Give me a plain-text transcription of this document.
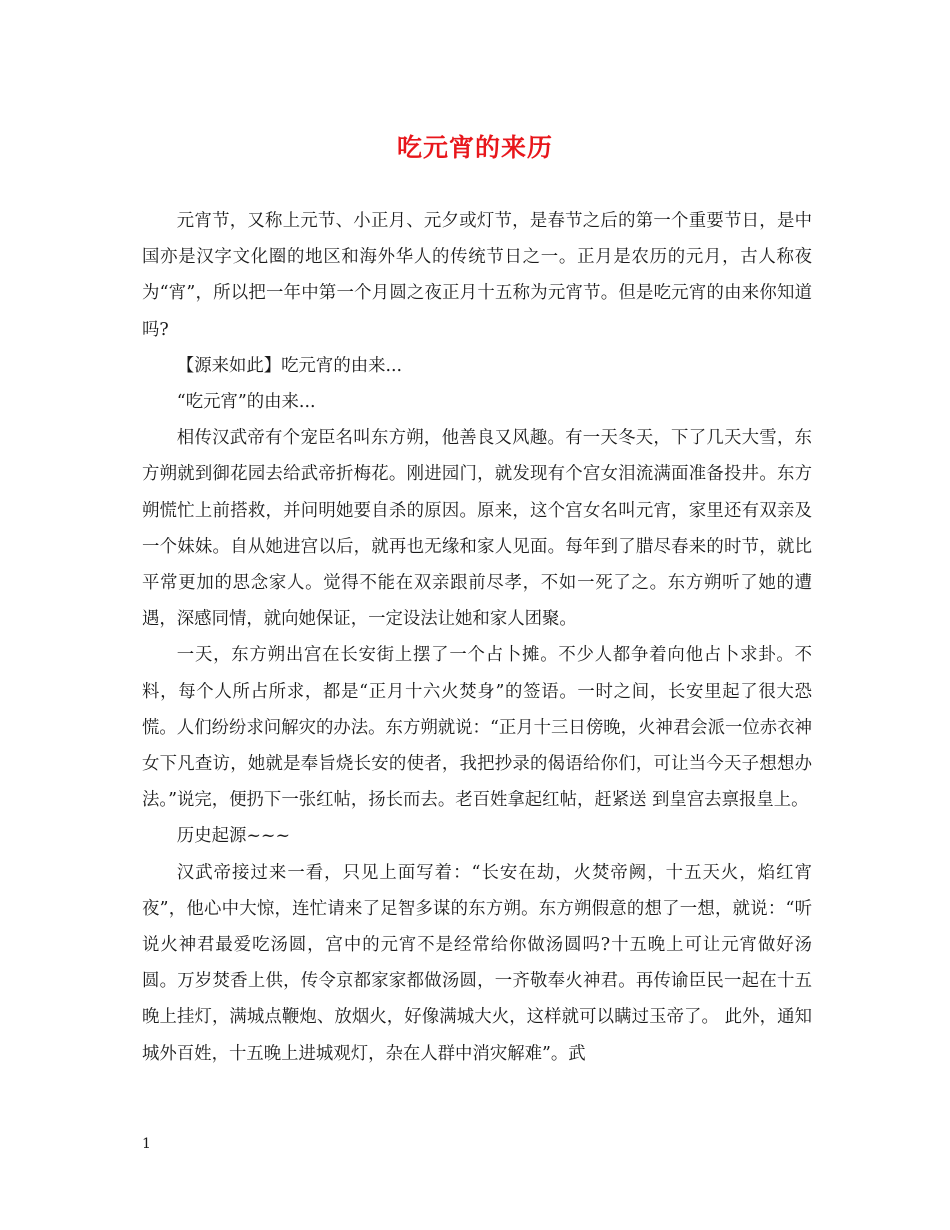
吃元宵的来历

元宵节，又称上元节、小正月、元夕或灯节，是春节之后的第一个重要节日，是中国亦是汉字文化圈的地区和海外华人的传统节日之一。正月是农历的元月，古人称夜为“宵”，所以把一年中第一个月圆之夜正月十五称为元宵节。但是吃元宵的由来你知道吗?

【源来如此】吃元宵的由来...

“吃元宵”的由来...

相传汉武帝有个宠臣名叫东方朔，他善良又风趣。有一天冬天，下了几天大雪，东方朔就到御花园去给武帝折梅花。刚进园门，就发现有个宫女泪流满面准备投井。东方朔慌忙上前搭救，并问明她要自杀的原因。原来，这个宫女名叫元宵，家里还有双亲及一个妹妹。自从她进宫以后，就再也无缘和家人见面。每年到了腊尽春来的时节，就比平常更加的思念家人。觉得不能在双亲跟前尽孝，不如一死了之。东方朔听了她的遭遇，深感同情，就向她保证，一定设法让她和家人团聚。

一天，东方朔出宫在长安街上摆了一个占卜摊。不少人都争着向他占卜求卦。不料，每个人所占所求，都是“正月十六火焚身”的签语。一时之间，长安里起了很大恐慌。人们纷纷求问解灾的办法。东方朔就说：“正月十三日傍晚，火神君会派一位赤衣神女下凡查访，她就是奉旨烧长安的使者，我把抄录的偈语给你们，可让当今天子想想办法。”说完，便扔下一张红帖，扬长而去。老百姓拿起红帖，赶紧送 到皇宫去禀报皇上。

历史起源~~~

汉武帝接过来一看，只见上面写着：“长安在劫，火焚帝阙，十五天火，焰红宵夜”，他心中大惊，连忙请来了足智多谋的东方朔。东方朔假意的想了一想，就说：“听说火神君最爱吃汤圆，宫中的元宵不是经常给你做汤圆吗?十五晚上可让元宵做好汤圆。万岁焚香上供，传令京都家家都做汤圆，一齐敬奉火神君。再传谕臣民一起在十五晚上挂灯，满城点鞭炮、放烟火，好像满城大火，这样就可以瞒过玉帝了。 此外，通知城外百姓，十五晚上进城观灯，杂在人群中消灾解难”。武

1
